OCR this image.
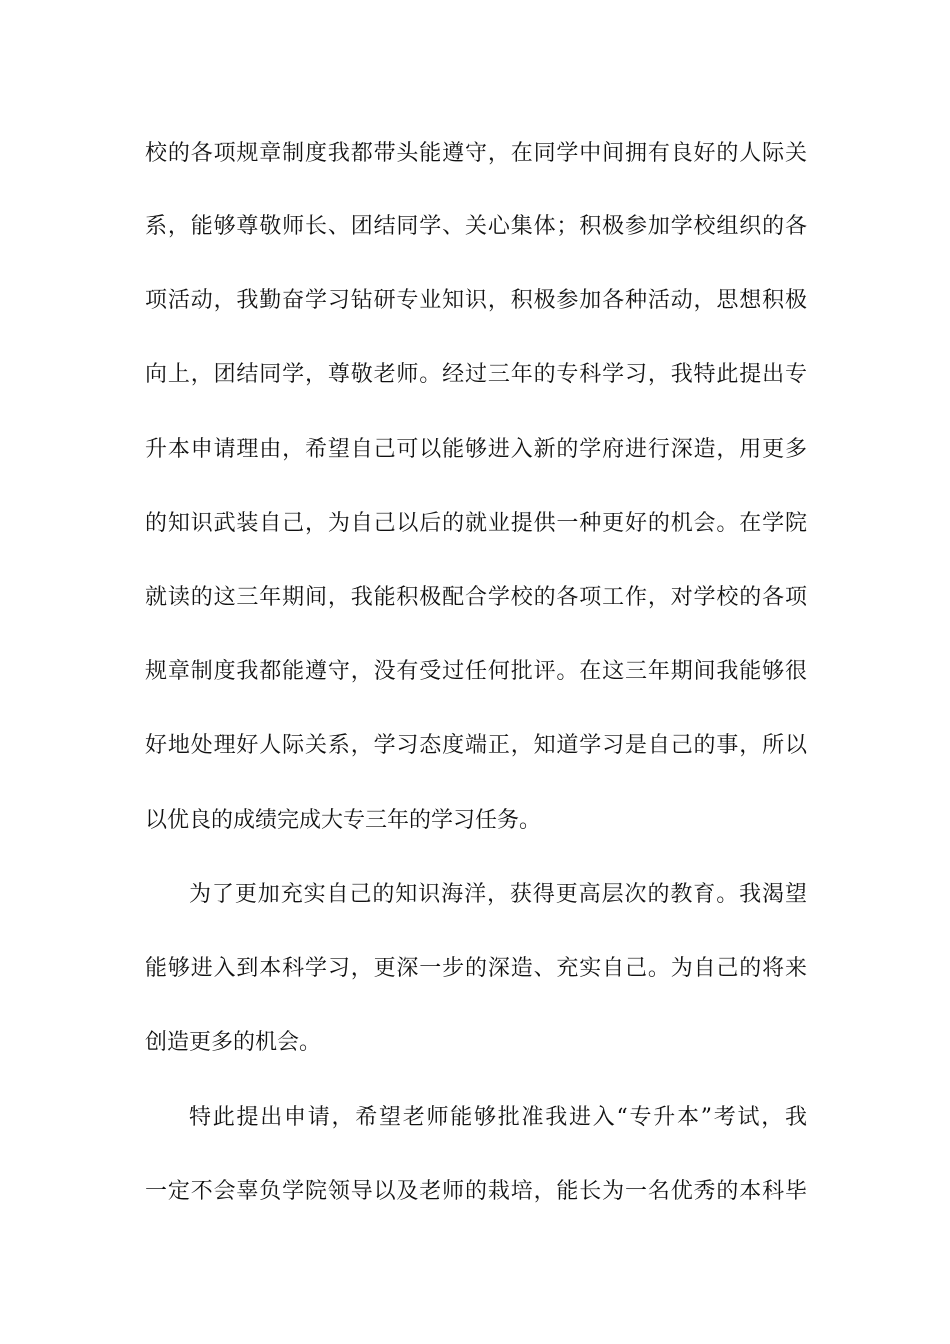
校的各项规章制度我都带头能遵守，在同学中间拥有良好的人际关
系，能够尊敬师长、团结同学、关心集体；积极参加学校组织的各
项活动，我勤奋学习钻研专业知识，积极参加各种活动，思想积极
向上，团结同学，尊敬老师。经过三年的专科学习，我特此提出专
升本申请理由，希望自己可以能够进入新的学府进行深造，用更多
的知识武装自己，为自己以后的就业提供一种更好的机会。在学院
就读的这三年期间，我能积极配合学校的各项工作，对学校的各项
规章制度我都能遵守，没有受过任何批评。在这三年期间我能够很
好地处理好人际关系，学习态度端正，知道学习是自己的事，所以
以优良的成绩完成大专三年的学习任务。
为了更加充实自己的知识海洋，获得更高层次的教育。我渴望
能够进入到本科学习，更深一步的深造、充实自己。为自己的将来
创造更多的机会。
特此提出申请，希望老师能够批准我进入“专升本”考试，我
一定不会辜负学院领导以及老师的栽培，能长为一名优秀的本科毕
